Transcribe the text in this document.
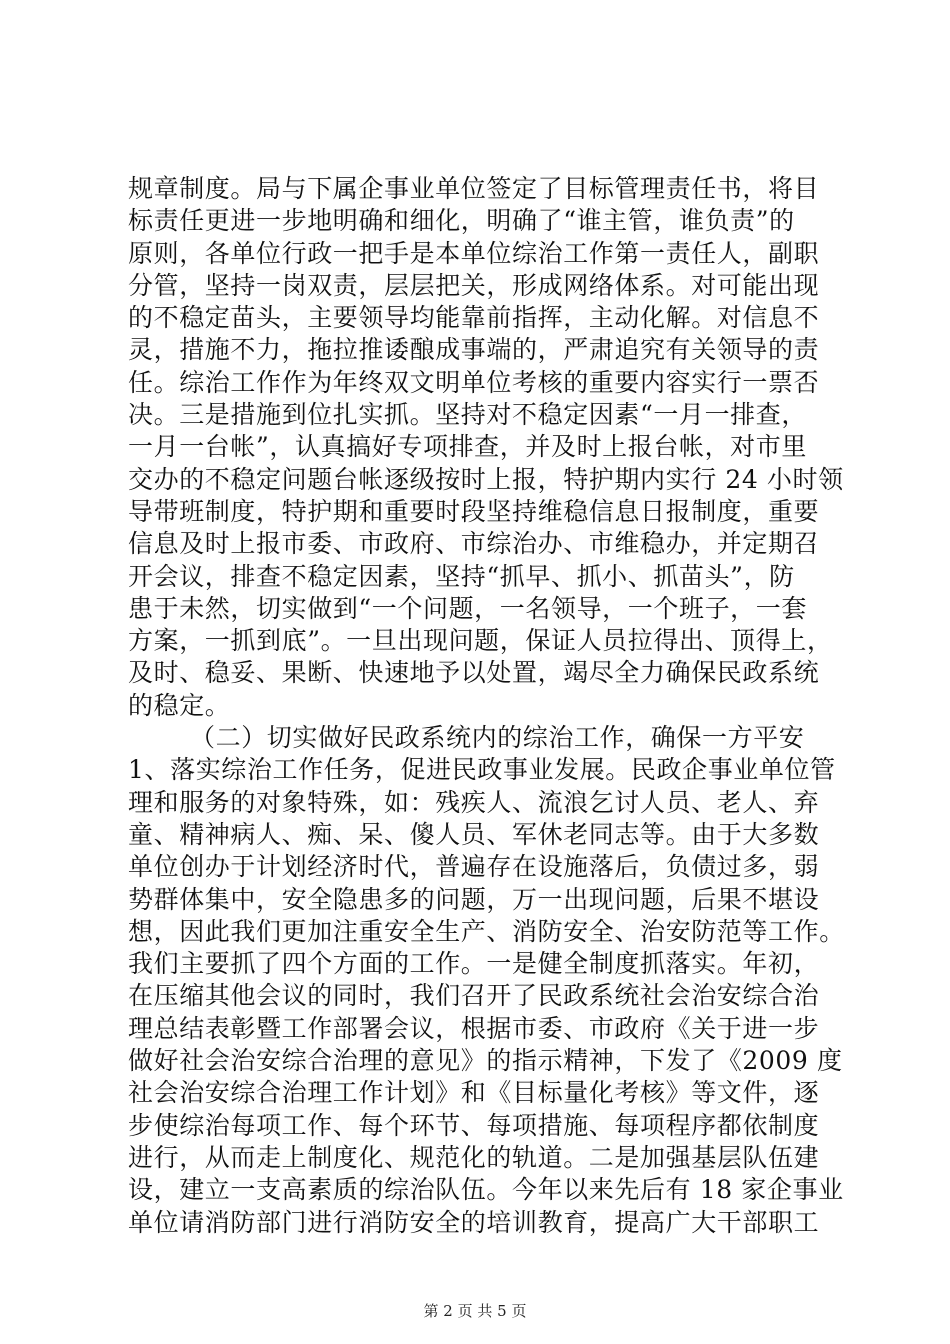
规章制度。局与下属企事业单位签定了目标管理责任书，将目
标责任更进一步地明确和细化，明确了“谁主管，谁负责”的
原则，各单位行政一把手是本单位综治工作第一责任人，副职
分管，坚持一岗双责，层层把关，形成网络体系。对可能出现
的不稳定苗头，主要领导均能靠前指挥，主动化解。对信息不
灵，措施不力，拖拉推诿酿成事端的，严肃追究有关领导的责
任。综治工作作为年终双文明单位考核的重要内容实行一票否
决。三是措施到位扎实抓。坚持对不稳定因素“一月一排查，
一月一台帐”，认真搞好专项排查，并及时上报台帐，对市里
交办的不稳定问题台帐逐级按时上报，特护期内实行 24 小时领
导带班制度，特护期和重要时段坚持维稳信息日报制度，重要
信息及时上报市委、市政府、市综治办、市维稳办，并定期召
开会议，排查不稳定因素，坚持“抓早、抓小、抓苗头”，防
患于未然，切实做到“一个问题，一名领导，一个班子，一套
方案，一抓到底”。一旦出现问题，保证人员拉得出、顶得上，
及时、稳妥、果断、快速地予以处置，竭尽全力确保民政系统
的稳定。
（二）切实做好民政系统内的综治工作，确保一方平安
1、落实综治工作任务，促进民政事业发展。民政企事业单位管
理和服务的对象特殊，如：残疾人、流浪乞讨人员、老人、弃
童、精神病人、痴、呆、傻人员、军休老同志等。由于大多数
单位创办于计划经济时代，普遍存在设施落后，负债过多，弱
势群体集中，安全隐患多的问题，万一出现问题，后果不堪设
想，因此我们更加注重安全生产、消防安全、治安防范等工作。
我们主要抓了四个方面的工作。一是健全制度抓落实。年初，
在压缩其他会议的同时，我们召开了民政系统社会治安综合治
理总结表彰暨工作部署会议，根据市委、市政府《关于进一步
做好社会治安综合治理的意见》的指示精神，下发了《2009 度
社会治安综合治理工作计划》和《目标量化考核》等文件，逐
步使综治每项工作、每个环节、每项措施、每项程序都依制度
进行，从而走上制度化、规范化的轨道。二是加强基层队伍建
设，建立一支高素质的综治队伍。今年以来先后有 18 家企事业
单位请消防部门进行消防安全的培训教育，提高广大干部职工
第 2 页 共 5 页
